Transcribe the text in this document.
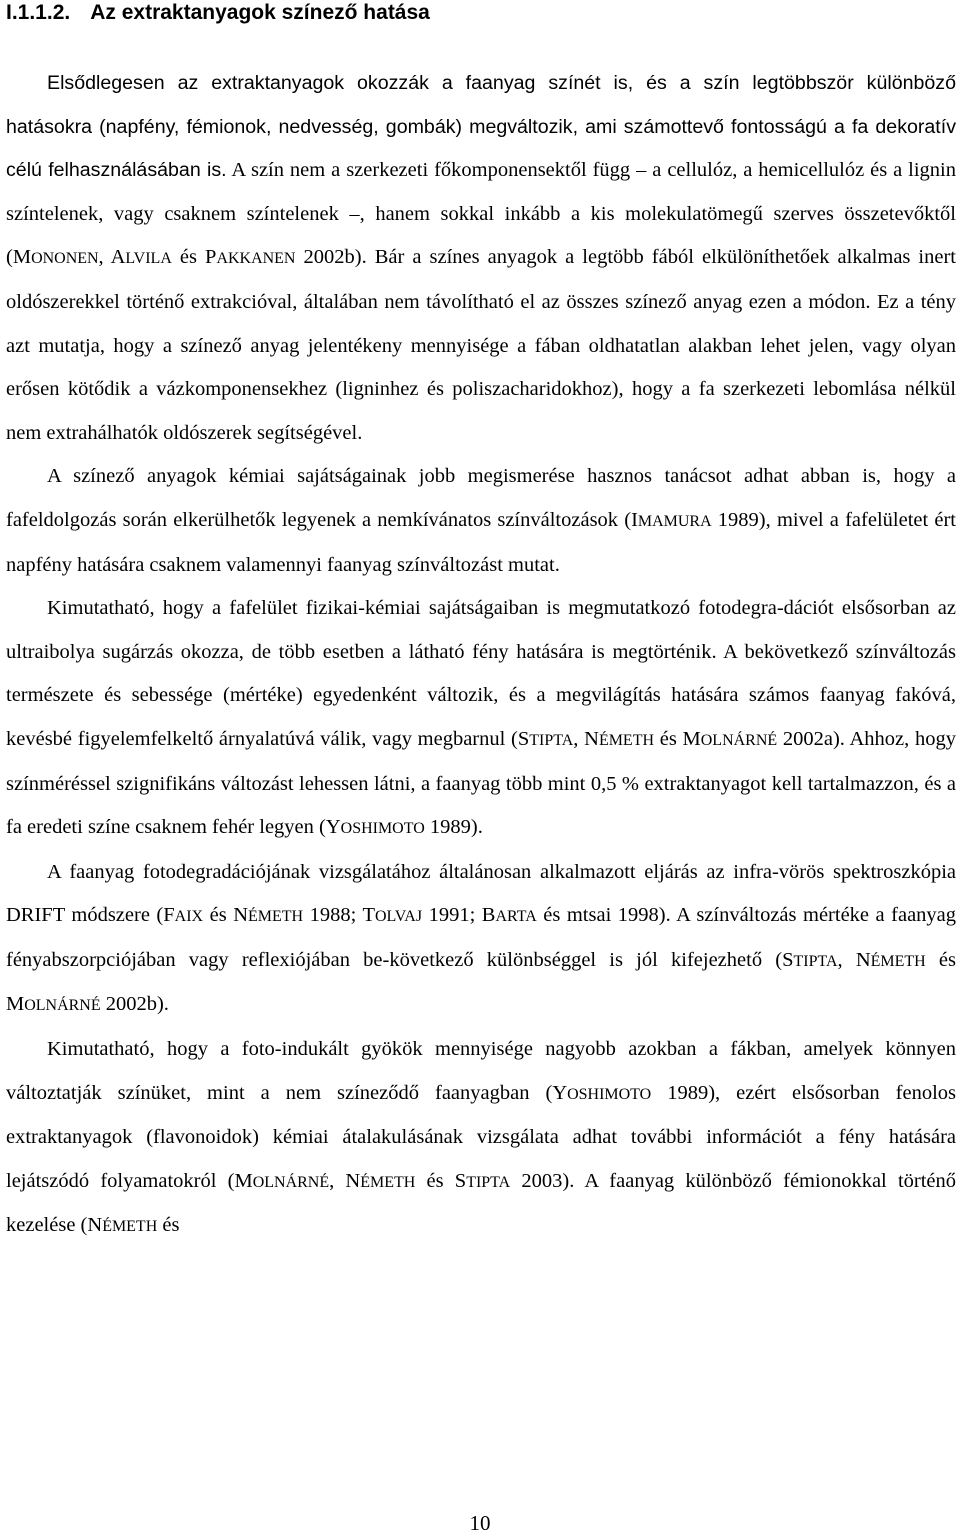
I.1.1.2. Az extraktanyagok színező hatása

Elsődlegesen az extraktanyagok okozzák a faanyag színét is, és a szín legtöbbször különböző hatásokra (napfény, fémionok, nedvesség, gombák) megváltozik, ami számottevő fontosságú a fa dekoratív célú felhasználásában is. A szín nem a szerkezeti főkomponensektől függ – a cellulóz, a hemicellulóz és a lignin színtelenek, vagy csaknem színtelenek –, hanem sokkal inkább a kis molekulatömegű szerves összetevőktől (MONONEN, ALVILA és PAKKANEN 2002b). Bár a színes anyagok a legtöbb fából elkülöníthetőek alkalmas inert oldószerekkel történő extrakcióval, általában nem távolítható el az összes színező anyag ezen a módon. Ez a tény azt mutatja, hogy a színező anyag jelentékeny mennyisége a fában oldhatatlan alakban lehet jelen, vagy olyan erősen kötődik a vázkomponensekhez (ligninhez és poliszacharidokhoz), hogy a fa szerkezeti lebomlása nélkül nem extrahálhatók oldószerek segítségével.

A színező anyagok kémiai sajátságainak jobb megismerése hasznos tanácsot adhat abban is, hogy a fafeldolgozás során elkerülhetők legyenek a nemkívánatos színváltozások (IMAMURA 1989), mivel a fafelületet ért napfény hatására csaknem valamennyi faanyag színváltozást mutat.

Kimutatható, hogy a fafelület fizikai-kémiai sajátságaiban is megmutatkozó fotodegra-dációt elsősorban az ultraibolya sugárzás okozza, de több esetben a látható fény hatására is megtörténik. A bekövetkező színváltozás természete és sebessége (mértéke) egyedenként változik, és a megvilágítás hatására számos faanyag fakóvá, kevésbé figyelemfelkeltő árnyalatúvá válik, vagy megbarnul (STIPTA, NÉMETH és MOLNÁRNÉ 2002a). Ahhoz, hogy színméréssel szignifikáns változást lehessen látni, a faanyag több mint 0,5 % extraktanyagot kell tartalmazzon, és a fa eredeti színe csaknem fehér legyen (YOSHIMOTO 1989).

A faanyag fotodegradációjának vizsgálatához általánosan alkalmazott eljárás az infra-vörös spektroszkópia DRIFT módszere (FAIX és NÉMETH 1988; TOLVAJ 1991; BARTA és mtsai 1998). A színváltozás mértéke a faanyag fényabszorpciójában vagy reflexiójában be-következő különbséggel is jól kifejezhető (STIPTA, NÉMETH és MOLNÁRNÉ 2002b).

Kimutatható, hogy a foto-indukált gyökök mennyisége nagyobb azokban a fákban, amelyek könnyen változtatják színüket, mint a nem színeződő faanyagban (YOSHIMOTO 1989), ezért elsősorban fenolos extraktanyagok (flavonoidok) kémiai átalakulásának vizsgálata adhat további információt a fény hatására lejátszódó folyamatokról (MOLNÁRNÉ, NÉMETH és STIPTA 2003). A faanyag különböző fémionokkal történő kezelése (NÉMETH és

10
